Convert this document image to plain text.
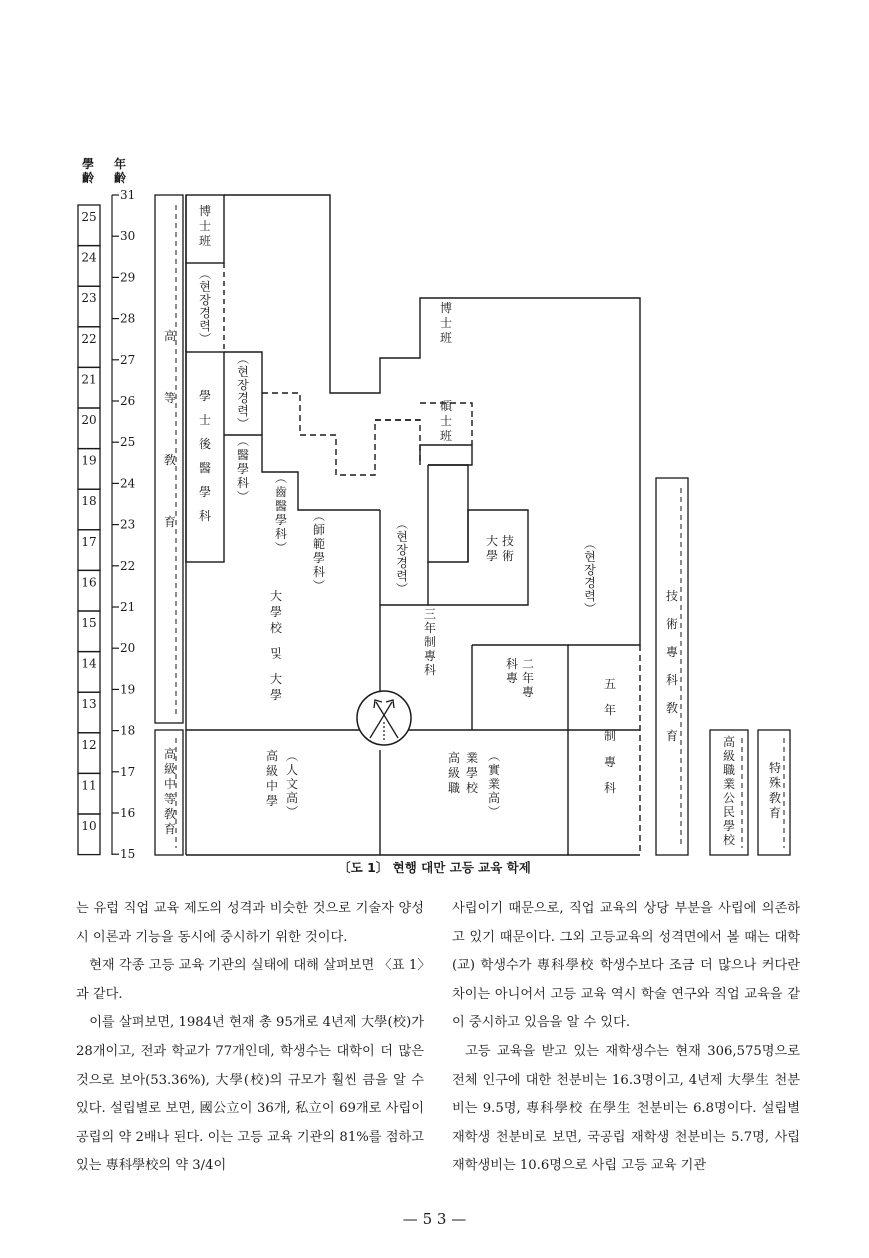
學齡
年齡
25
24
23
22
21
20
19
18
17
16
15
14
13
12
11
10
31
30
29
28
27
26
25
24
23
22
21
20
19
18
17
16
15
高等敎育
高級中等敎育
技術專科敎育	高級職業公民學校
特殊敎育
博士班
︵ 현 장 경 력 ︶
學士後醫學科
︵ 현 장 경 력 ︶
︵醫學科︶
︵齒醫學科︶
︵師範學科︶
大學校 및 大學
博士班
碩士班
︵ 현 장 경 력 ︶
︵ 현 장 경 력 ︶
三年制專科
五年制專科
︵人文高︶
高級中學
︵實業高︶
高級職
業學校
技術
大學
二年專
科專
〔도 1〕 현행 대만 고등 교육 학제

는 유럽 직업 교육 제도의 성격과 비슷한 것으로 기술자 양성시 이론과 기능을 동시에 중시하기 위한 것이다.

현재 각종 고등 교육 기관의 실태에 대해 살펴보면 〈표 1〉과 같다.

이를 살펴보면, 1984년 현재 총 95개로 4년제 大學(校)가 28개이고, 전과 학교가 77개인데, 학생수는 대학이 더 많은 것으로 보아(53.36%), 大學(校)의 규모가 훨씬 큼을 알 수 있다. 설립별로 보면, 國公立이 36개, 私立이 69개로 사립이 공립의 약 2배나 된다. 이는 고등 교육 기관의 81%를 점하고 있는 專科學校의 약 3/4이

사립이기 때문으로, 직업 교육의 상당 부분을 사립에 의존하고 있기 때문이다. 그외 고등교육의 성격면에서 볼 때는 대학(교) 학생수가 專科學校 학생수보다 조금 더 많으나 커다란 차이는 아니어서 고등 교육 역시 학술 연구와 직업 교육을 같이 중시하고 있음을 알 수 있다.

고등 교육을 받고 있는 재학생수는 현재 306,575명으로 전체 인구에 대한 천분비는 16.3명이고, 4년제 大學生 천분비는 9.5명, 專科學校 在學生 천분비는 6.8명이다. 설립별 재학생 천분비로 보면, 국공립 재학생 천분비는 5.7명, 사립 재학생비는 10.6명으로 사립 고등 교육 기관

— 5 3 —
